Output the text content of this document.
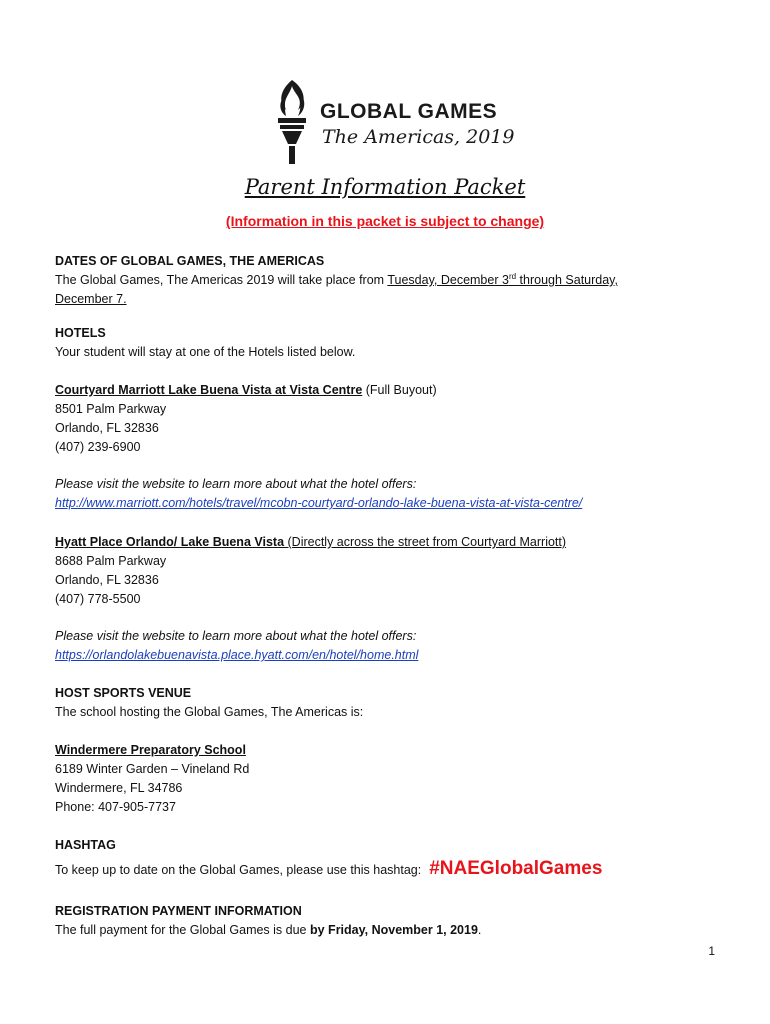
GLOBAL GAMES
The Americas, 2019
Parent Information Packet
(Information in this packet is subject to change)
DATES OF GLOBAL GAMES, THE AMERICAS
The Global Games, The Americas 2019 will take place from Tuesday, December 3rd through Saturday,
December 7.
HOTELS
Your student will stay at one of the Hotels listed below.
Courtyard Marriott Lake Buena Vista at Vista Centre (Full Buyout)
8501 Palm Parkway
Orlando, FL 32836
(407) 239-6900
Please visit the website to learn more about what the hotel offers:
http://www.marriott.com/hotels/travel/mcobn-courtyard-orlando-lake-buena-vista-at-vista-centre/
Hyatt Place Orlando/ Lake Buena Vista (Directly across the street from Courtyard Marriott)
8688 Palm Parkway
Orlando, FL 32836
(407) 778-5500
Please visit the website to learn more about what the hotel offers:
https://orlandolakebuenavista.place.hyatt.com/en/hotel/home.html
HOST SPORTS VENUE
The school hosting the Global Games, The Americas is:
Windermere Preparatory School
6189 Winter Garden – Vineland Rd
Windermere, FL 34786
Phone: 407-905-7737
HASHTAG
To keep up to date on the Global Games, please use this hashtag: #NAEGlobalGames
REGISTRATION PAYMENT INFORMATION
The full payment for the Global Games is due by Friday, November 1, 2019.
1
